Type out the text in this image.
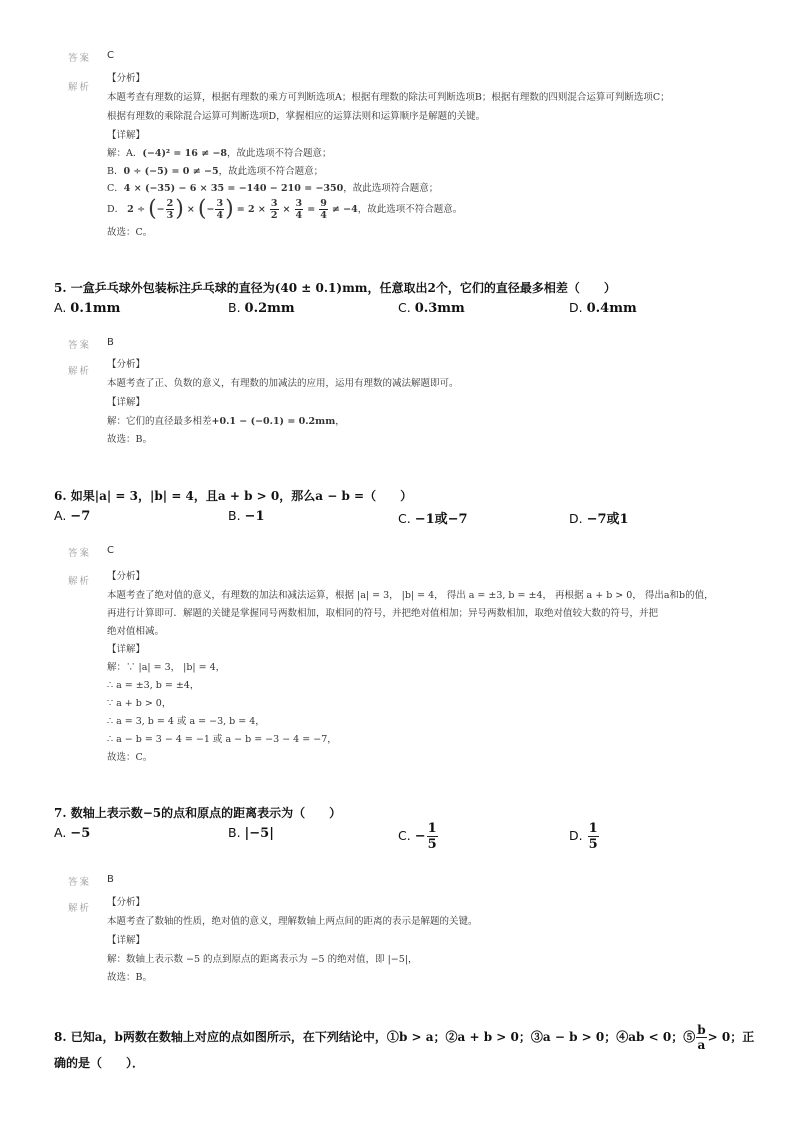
答案 C
解析
【分析】
本题考查有理数的运算，根据有理数的乘方可判断选项A；根据有理数的除法可判断选项B；根据有理数的四则混合运算可判断选项C；
根据有理数的乘除混合运算可判断选项D，掌握相应的运算法则和运算顺序是解题的关键。
【详解】
解：A．(−4)² = 16 ≠ −8，故此选项不符合题意；
B．0 ÷ (−5) = 0 ≠ −5，故此选项不符合题意；
C．4 × (−35) − 6 × 35 = −140 − 210 = −350，故此选项符合题意；
D． 2 ÷ (− $\frac{2}{3}$ ) × (− $\frac{3}{4}$ ) = $2 \times \frac{3}{2} \times \frac{3}{4} = \frac{9}{4} \ne -4$，故此选项不符合题意。
故选：C。
5. 一盒乒乓球外包装标注乒乓球的直径为(40 ± 0.1)mm，任意取出2个，它们的直径最多相差（　　）
A. 0.1mm	B. 0.2mm	C. 0.3mm	D. 0.4mm
答案 B
解析
【分析】
本题考查了正、负数的意义，有理数的加减法的应用，运用有理数的减法解题即可。
【详解】
解：它们的直径最多相差+0.1 − (−0.1) = 0.2mm，
故选：B。
6. 如果|a| = 3，|b| = 4，且a + b > 0，那么a − b =（　　）
A. −7	B. −1	C. −1或−7	D. −7或1
答案 C
解析 【分析】
本题考查了绝对值的意义，有理数的加法和减法运算，根据 |a| = 3， |b| = 4， 得出 a = ±3, b = ±4， 再根据 a + b > 0， 得出a和b的值，
再进行计算即可．解题的关键是掌握同号两数相加，取相同的符号，并把绝对值相加；异号两数相加，取绝对值较大数的符号，并把
绝对值相减。
【详解】
解：∵ |a| = 3， |b| = 4，
∴ a = ±3, b = ±4，
∵ a + b > 0，
∴ a = 3, b = 4 或 a = −3, b = 4，
∴ a − b = 3 − 4 = −1 或 a − b = −3 − 4 = −7，
故选：C。
7. 数轴上表示数−5的点和原点的距离表示为（　　）
A. −5	B. |−5|	C. − $\frac{1}{5}$	D. $\frac{1}{5}$
答案 B
解析
【分析】
本题考查了数轴的性质，绝对值的意义，理解数轴上两点间的距离的表示是解题的关键。
【详解】
解：数轴上表示数 −5 的点到原点的距离表示为 −5 的绝对值，即 |−5|，
故选：B。
8. 已知a，b两数在数轴上对应的点如图所示，在下列结论中，①b > a；②a + b > 0；③a − b > 0；④ab < 0；⑤ $\frac{b}{a} > 0$；正
确的是（　　）．
